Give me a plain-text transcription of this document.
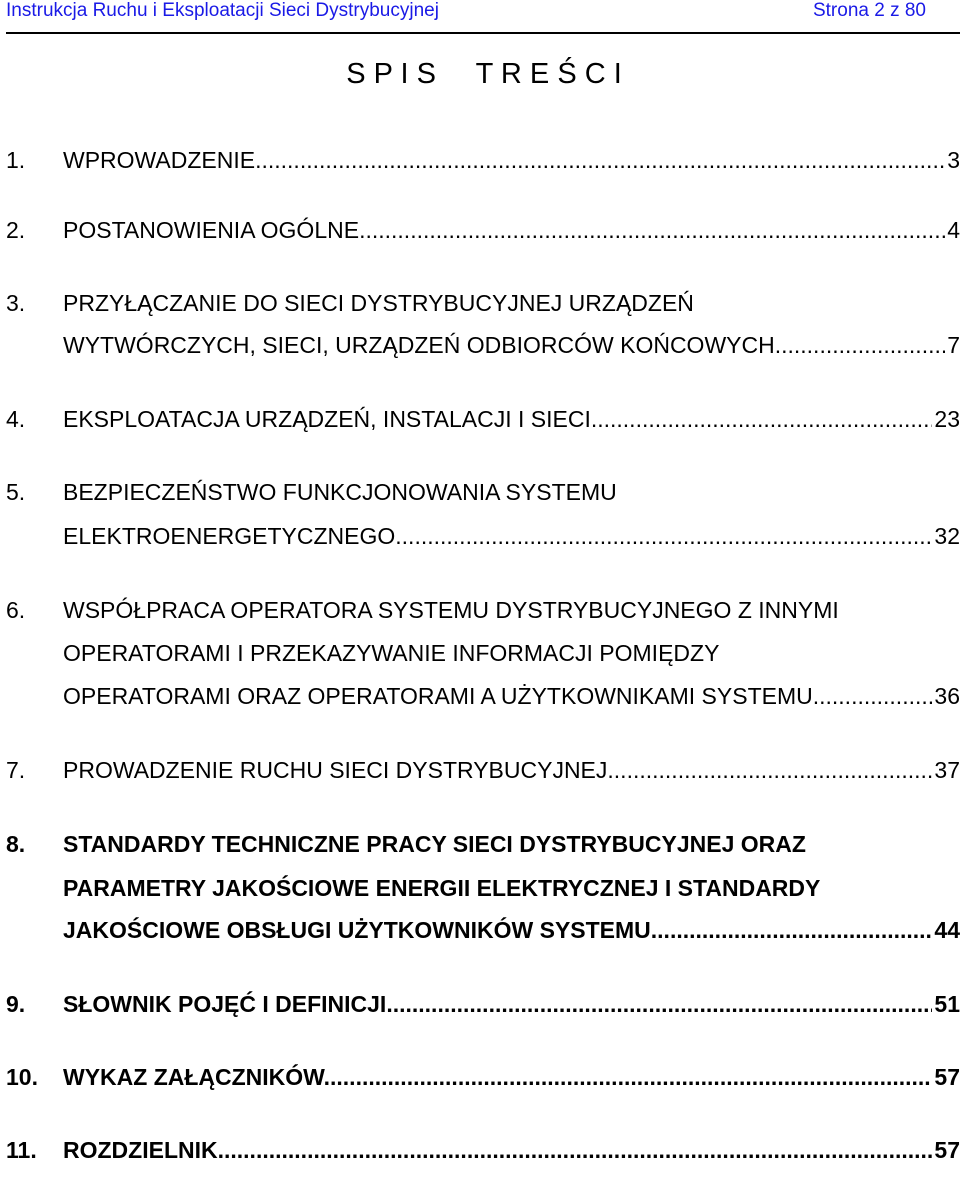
Instrukcja Ruchu i Eksploatacji Sieci Dystrybucyjnej	Strona 2 z 80
S P I S     T R E Ś C I
1. WPROWADZENIE. .....	3
2. POSTANOWIENIA OGÓLNE. .....	4
3. PRZYŁĄCZANIE DO SIECI DYSTRYBUCYJNEJ URZĄDZEŃ
WYTWÓRCZYCH, SIECI, URZĄDZEŃ ODBIORCÓW KOŃCOWYCH. .....	7
4. EKSPLOATACJA URZĄDZEŃ, INSTALACJI I SIECI. .....	23
5. BEZPIECZEŃSTWO FUNKCJONOWANIA SYSTEMU
ELEKTROENERGETYCZNEGO. .....	32
6. WSPÓŁPRACA OPERATORA SYSTEMU DYSTRYBUCYJNEGO Z INNYMI
OPERATORAMI I PRZEKAZYWANIE INFORMACJI POMIĘDZY
OPERATORAMI ORAZ OPERATORAMI A UŻYTKOWNIKAMI SYSTEMU. .....	36
7. PROWADZENIE RUCHU SIECI DYSTRYBUCYJNEJ. .....	37
8. STANDARDY TECHNICZNE PRACY SIECI DYSTRYBUCYJNEJ ORAZ
PARAMETRY JAKOŚCIOWE ENERGII ELEKTRYCZNEJ I STANDARDY
JAKOŚCIOWE OBSŁUGI UŻYTKOWNIKÓW SYSTEMU. .....	44
9. SŁOWNIK POJĘĆ I DEFINICJI. .....	51
10. WYKAZ ZAŁĄCZNIKÓW. .....	57
11. ROZDZIELNIK .....	57
